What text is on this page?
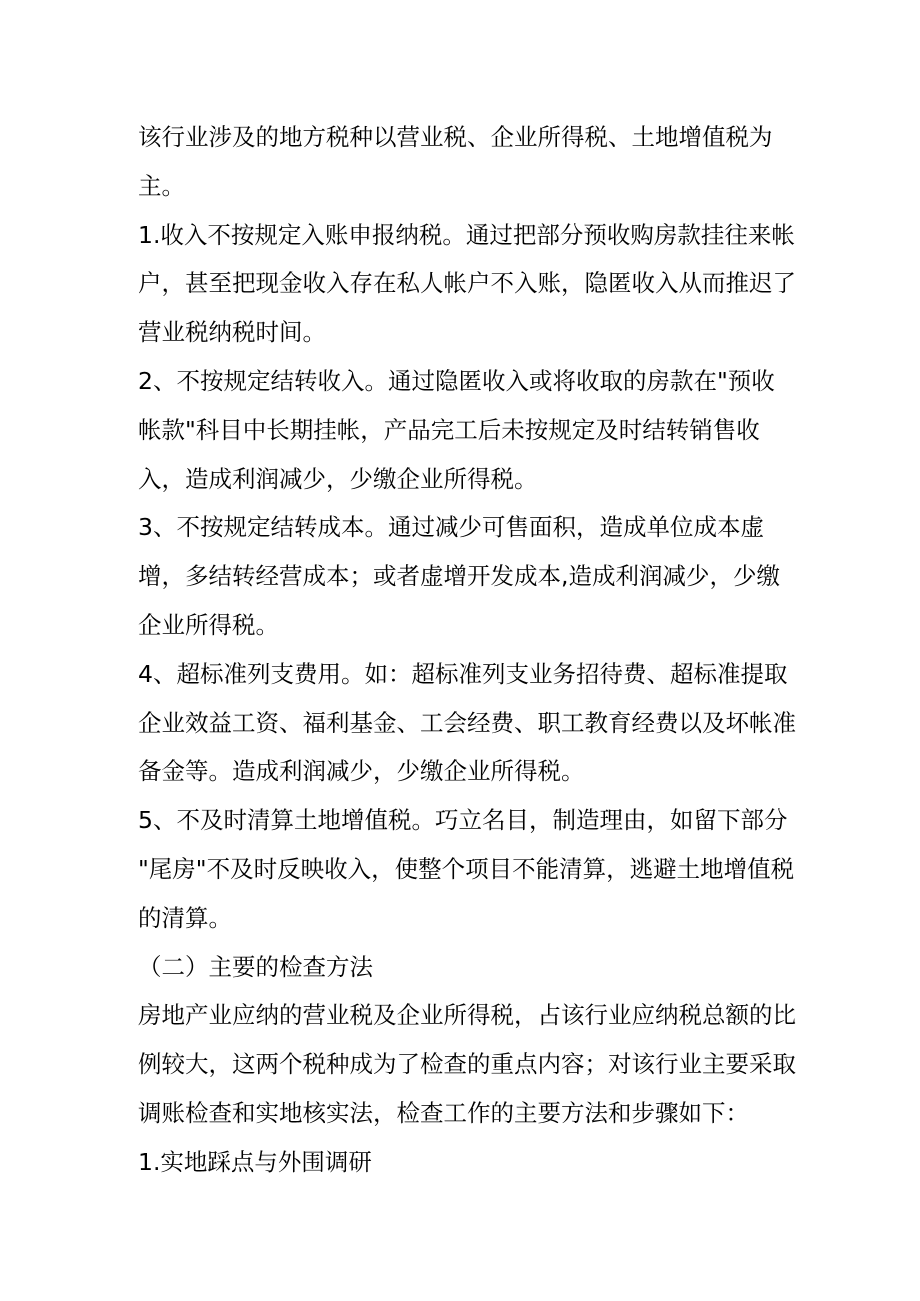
该行业涉及的地方税种以营业税、企业所得税、土地增值税为
主。

1.收入不按规定入账申报纳税。通过把部分预收购房款挂往来帐
户，甚至把现金收入存在私人帐户不入账，隐匿收入从而推迟了
营业税纳税时间。

2、不按规定结转收入。通过隐匿收入或将收取的房款在"预收
帐款"科目中长期挂帐，产品完工后未按规定及时结转销售收
入，造成利润减少，少缴企业所得税。

3、不按规定结转成本。通过减少可售面积，造成单位成本虚
增，多结转经营成本；或者虚增开发成本,造成利润减少，少缴
企业所得税。

4、超标准列支费用。如：超标准列支业务招待费、超标准提取
企业效益工资、福利基金、工会经费、职工教育经费以及坏帐准
备金等。造成利润减少，少缴企业所得税。

5、不及时清算土地增值税。巧立名目，制造理由，如留下部分
"尾房"不及时反映收入，使整个项目不能清算，逃避土地增值税
的清算。

（二）主要的检查方法

房地产业应纳的营业税及企业所得税，占该行业应纳税总额的比
例较大，这两个税种成为了检查的重点内容；对该行业主要采取
调账检查和实地核实法，检查工作的主要方法和步骤如下：

1.实地踩点与外围调研
